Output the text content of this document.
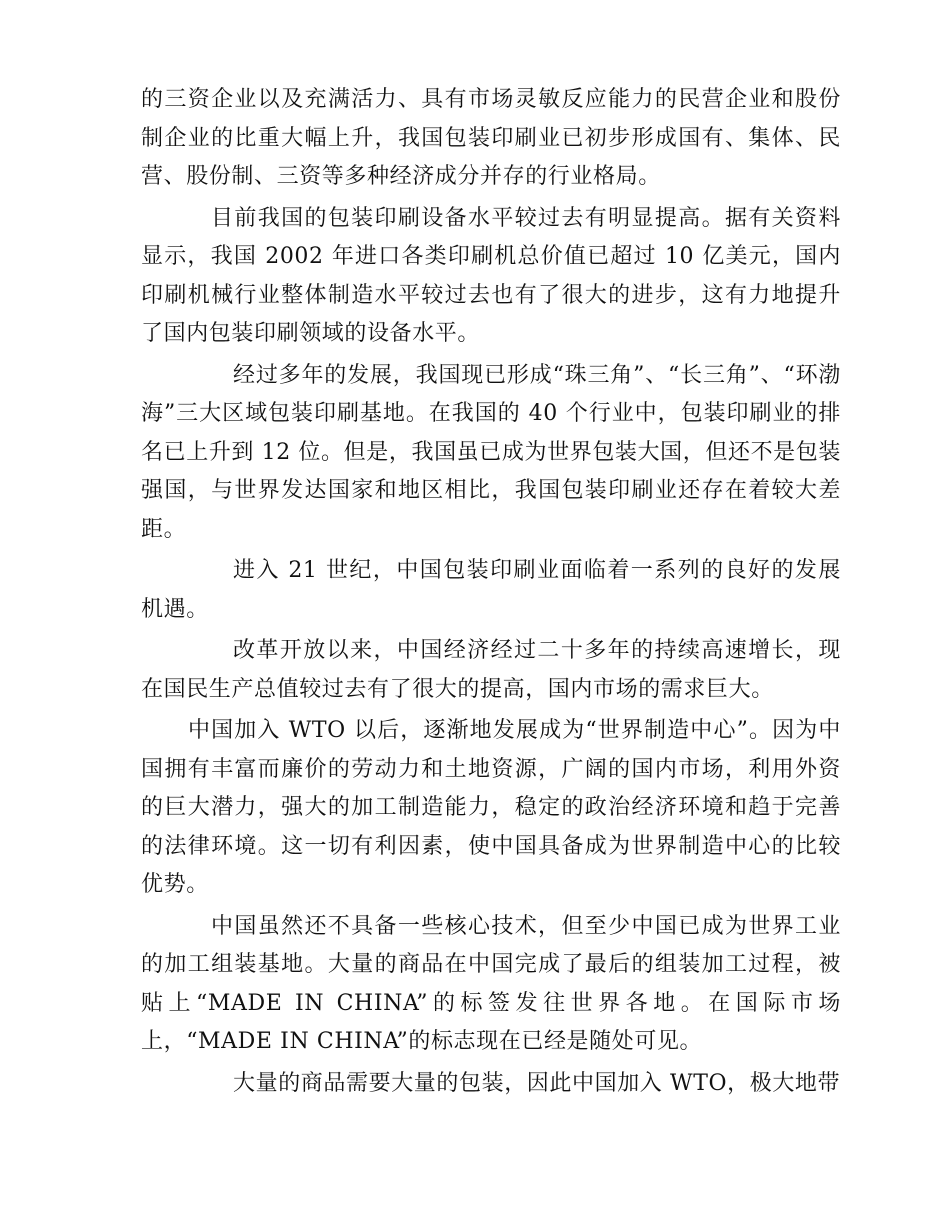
的三资企业以及充满活力、具有市场灵敏反应能力的民营企业和股份制企业的比重大幅上升，我国包装印刷业已初步形成国有、集体、民营、股份制、三资等多种经济成分并存的行业格局。

目前我国的包装印刷设备水平较过去有明显提高。据有关资料显示，我国 2002 年进口各类印刷机总价值已超过 10 亿美元，国内印刷机械行业整体制造水平较过去也有了很大的进步，这有力地提升了国内包装印刷领域的设备水平。

经过多年的发展，我国现已形成“珠三角”、“长三角”、“环渤海”三大区域包装印刷基地。在我国的 40 个行业中，包装印刷业的排名已上升到 12 位。但是，我国虽已成为世界包装大国，但还不是包装强国，与世界发达国家和地区相比，我国包装印刷业还存在着较大差距。

进入 21 世纪，中国包装印刷业面临着一系列的良好的发展机遇。

改革开放以来，中国经济经过二十多年的持续高速增长，现在国民生产总值较过去有了很大的提高，国内市场的需求巨大。

中国加入 WTO 以后，逐渐地发展成为“世界制造中心”。因为中国拥有丰富而廉价的劳动力和土地资源，广阔的国内市场，利用外资的巨大潜力，强大的加工制造能力，稳定的政治经济环境和趋于完善的法律环境。这一切有利因素，使中国具备成为世界制造中心的比较优势。

中国虽然还不具备一些核心技术，但至少中国已成为世界工业的加工组装基地。大量的商品在中国完成了最后的组装加工过程，被贴上“MADE IN CHINA”的标签发往世界各地。在国际市场上，“MADE IN CHINA”的标志现在已经是随处可见。

大量的商品需要大量的包装，因此中国加入 WTO，极大地带
